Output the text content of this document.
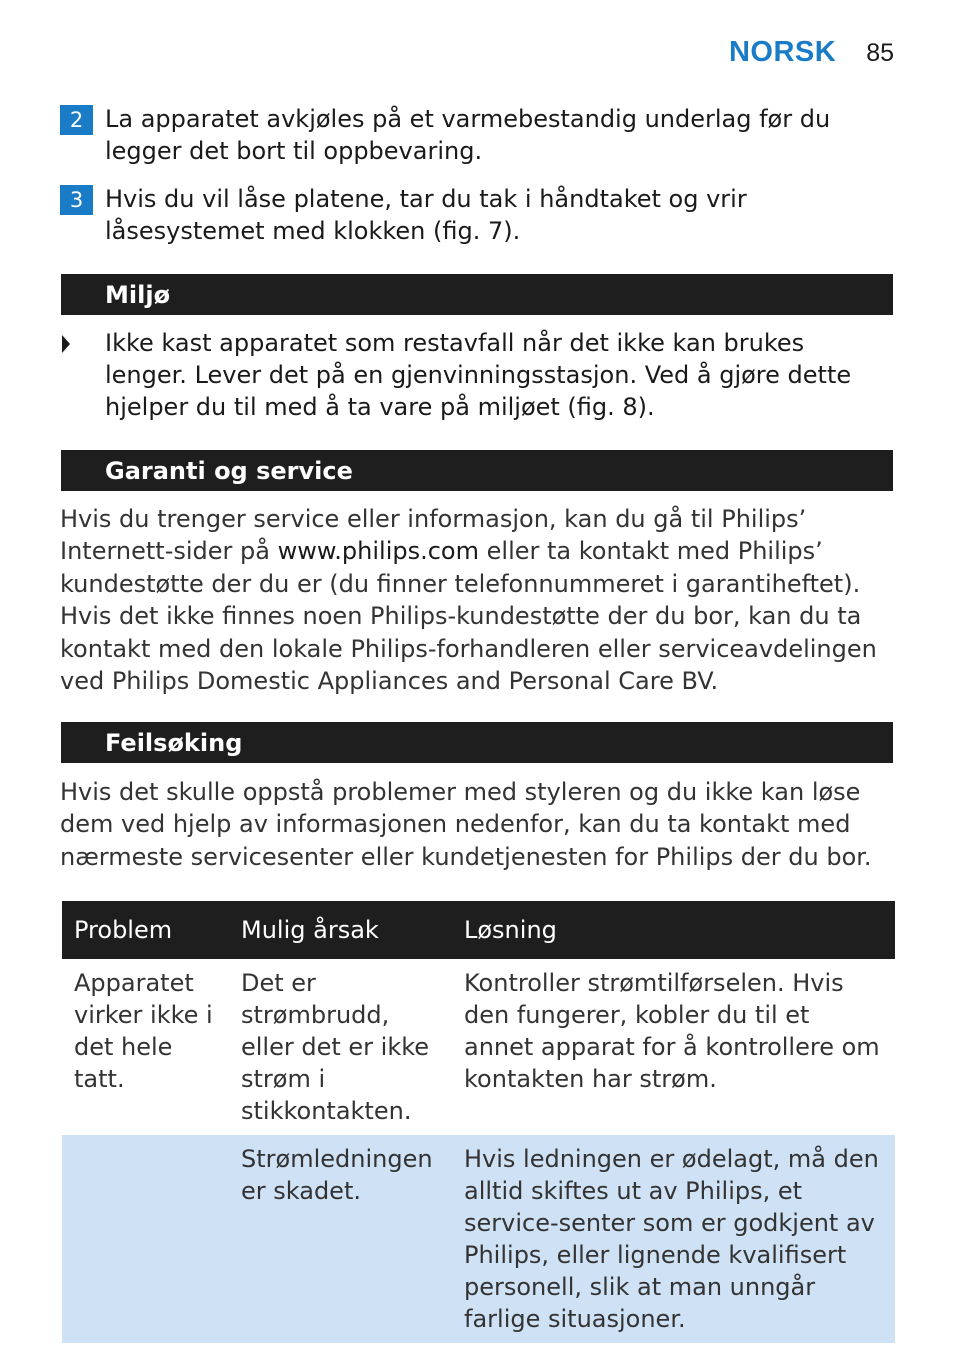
NORSK 85
2 La apparatet avkjøles på et varmebestandig underlag før du legger det bort til oppbevaring.
3 Hvis du vil låse platene, tar du tak i håndtaket og vrir låsesystemet med klokken (fig. 7).
Miljø
Ikke kast apparatet som restavfall når det ikke kan brukes lenger. Lever det på en gjenvinningsstasjon. Ved å gjøre dette hjelper du til med å ta vare på miljøet (fig. 8).
Garanti og service
Hvis du trenger service eller informasjon, kan du gå til Philips’ Internett-sider på www.philips.com eller ta kontakt med Philips’ kundestøtte der du er (du finner telefonnummeret i garantiheftet). Hvis det ikke finnes noen Philips-kundestøtte der du bor, kan du ta kontakt med den lokale Philips-forhandleren eller serviceavdelingen ved Philips Domestic Appliances and Personal Care BV.
Feilsøking
Hvis det skulle oppstå problemer med styleren og du ikke kan løse dem ved hjelp av informasjonen nedenfor, kan du ta kontakt med nærmeste servicesenter eller kundetjenesten for Philips der du bor.
Problem	Mulig årsak	Løsning
Apparatet virker ikke i det hele tatt.	Det er strømbrudd, eller det er ikke strøm i stikkontakten.	Kontroller strømtilførselen. Hvis den fungerer, kobler du til et annet apparat for å kontrollere om kontakten har strøm.
	Strømledningen er skadet.	Hvis ledningen er ødelagt, må den alltid skiftes ut av Philips, et service-senter som er godkjent av Philips, eller lignende kvalifisert personell, slik at man unngår farlige situasjoner.
